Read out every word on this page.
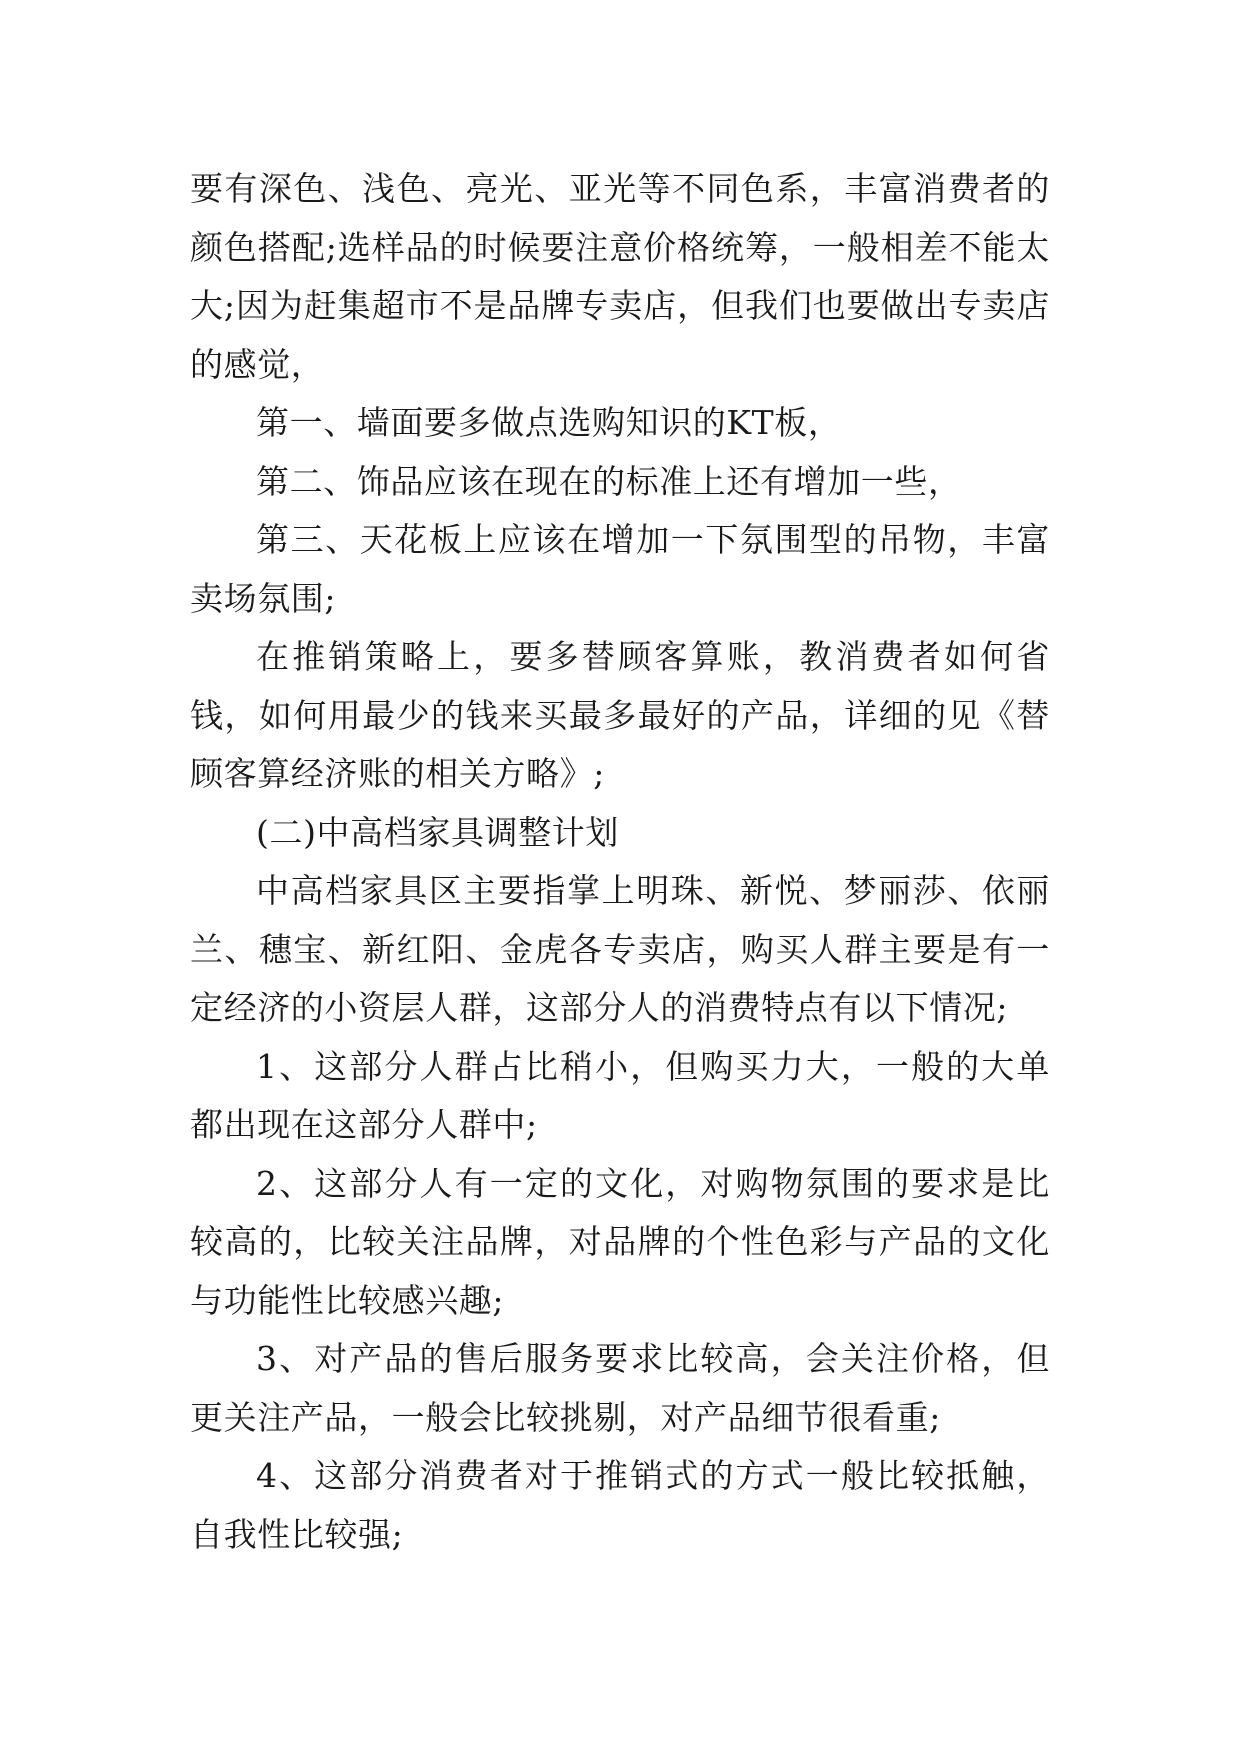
要有深色、浅色、亮光、亚光等不同色系，丰富消费者的颜色搭配;选样品的时候要注意价格统筹，一般相差不能太大;因为赶集超市不是品牌专卖店，但我们也要做出专卖店的感觉，

第一、墙面要多做点选购知识的KT板，

第二、饰品应该在现在的标准上还有增加一些，

第三、天花板上应该在增加一下氛围型的吊物，丰富卖场氛围;

在推销策略上，要多替顾客算账，教消费者如何省钱，如何用最少的钱来买最多最好的产品，详细的见《替顾客算经济账的相关方略》;

(二)中高档家具调整计划

中高档家具区主要指掌上明珠、新悦、梦丽莎、依丽兰、穗宝、新红阳、金虎各专卖店，购买人群主要是有一定经济的小资层人群，这部分人的消费特点有以下情况;

1、这部分人群占比稍小，但购买力大，一般的大单都出现在这部分人群中;

2、这部分人有一定的文化，对购物氛围的要求是比较高的，比较关注品牌，对品牌的个性色彩与产品的文化与功能性比较感兴趣;

3、对产品的售后服务要求比较高，会关注价格，但更关注产品，一般会比较挑剔，对产品细节很看重;

4、这部分消费者对于推销式的方式一般比较抵触，自我性比较强;
